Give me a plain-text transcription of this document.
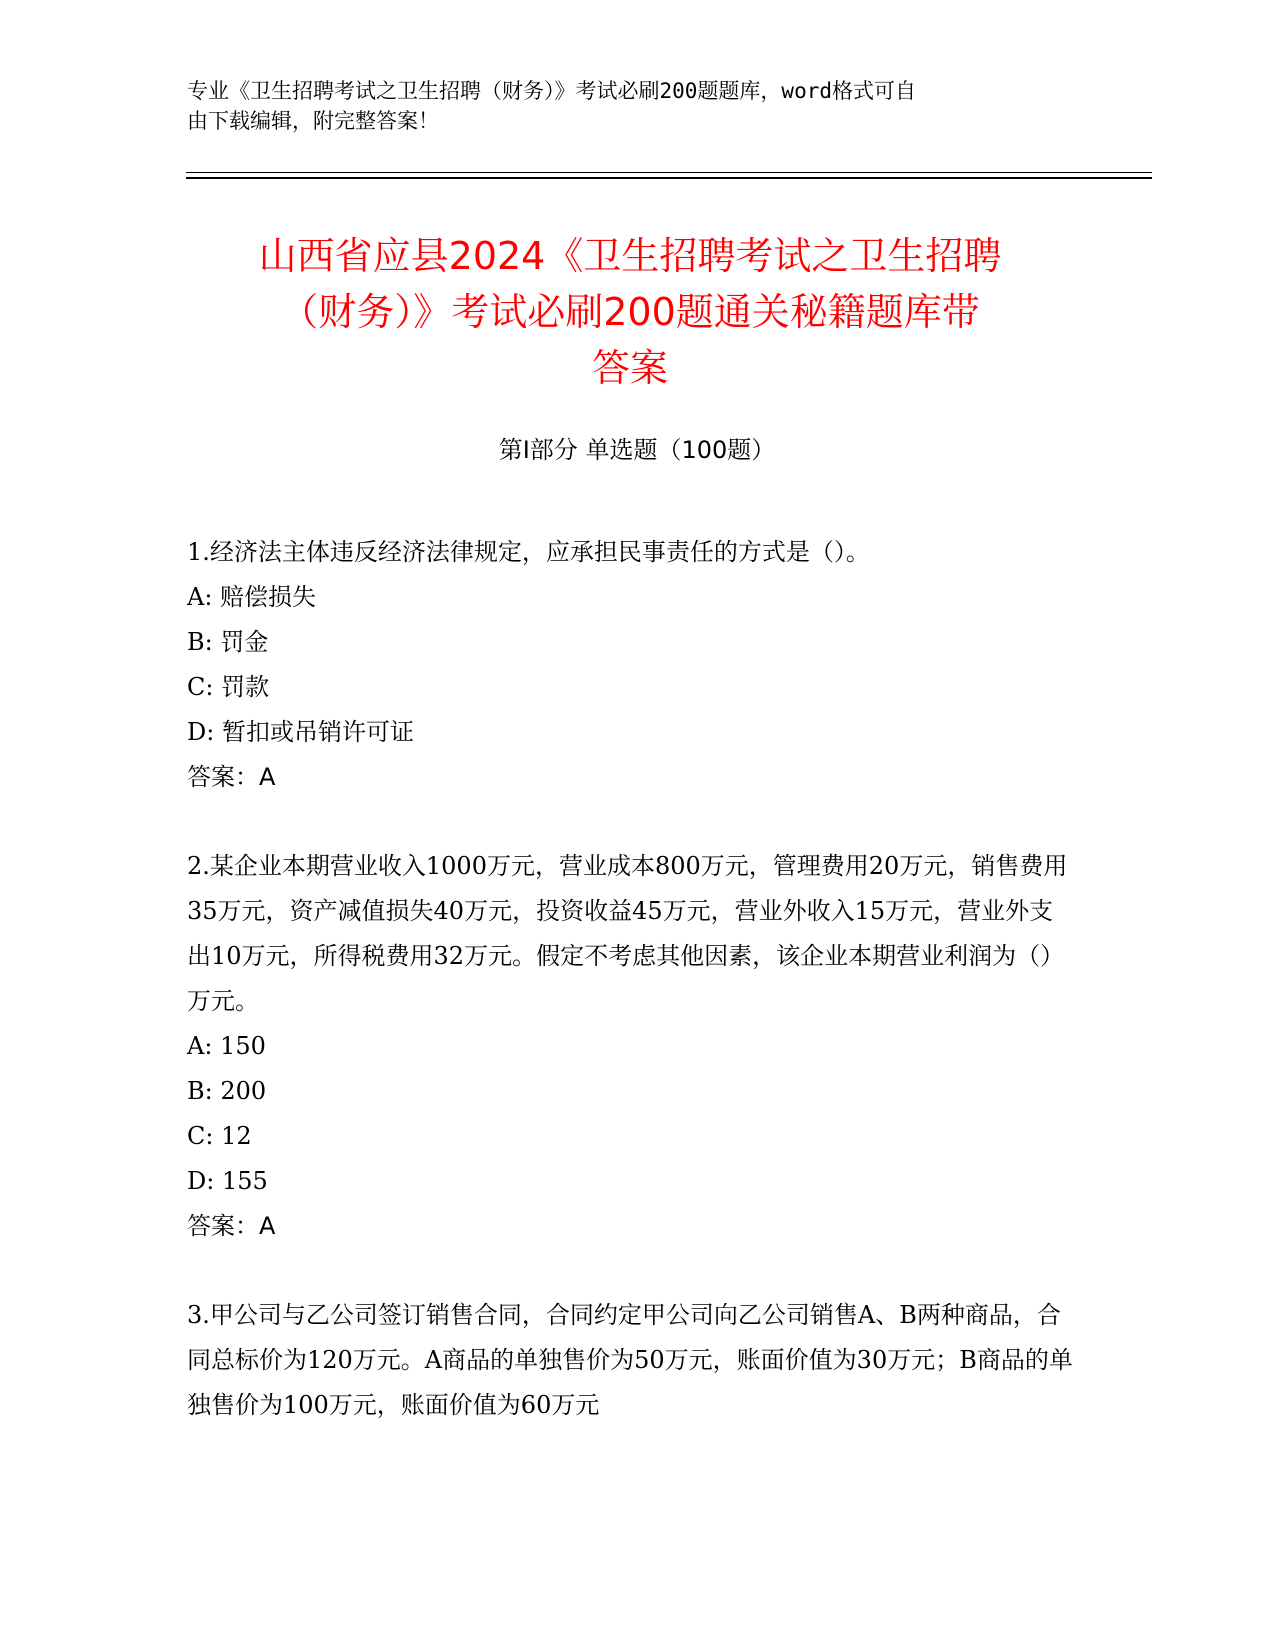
专业《卫生招聘考试之卫生招聘（财务）》考试必刷200题题库，word格式可自
由下载编辑，附完整答案！
山西省应县2024《卫生招聘考试之卫生招聘
（财务）》考试必刷200题通关秘籍题库带
答案
第Ⅰ部分 单选题（100题）

1.经济法主体违反经济法律规定，应承担民事责任的方式是（）。

A: 赔偿损失

B: 罚金

C: 罚款

D: 暂扣或吊销许可证

答案：A

2.某企业本期营业收入1000万元，营业成本800万元，管理费用20万元，销售费用35万元，资产减值损失40万元，投资收益45万元，营业外收入15万元，营业外支出10万元，所得税费用32万元。假定不考虑其他因素，该企业本期营业利润为（）万元。

A: 150

B: 200

C: 12

D: 155

答案：A

3.甲公司与乙公司签订销售合同，合同约定甲公司向乙公司销售A、B两种商品，合同总标价为120万元。A商品的单独售价为50万元，账面价值为30万元；B商品的单独售价为100万元，账面价值为60万元
